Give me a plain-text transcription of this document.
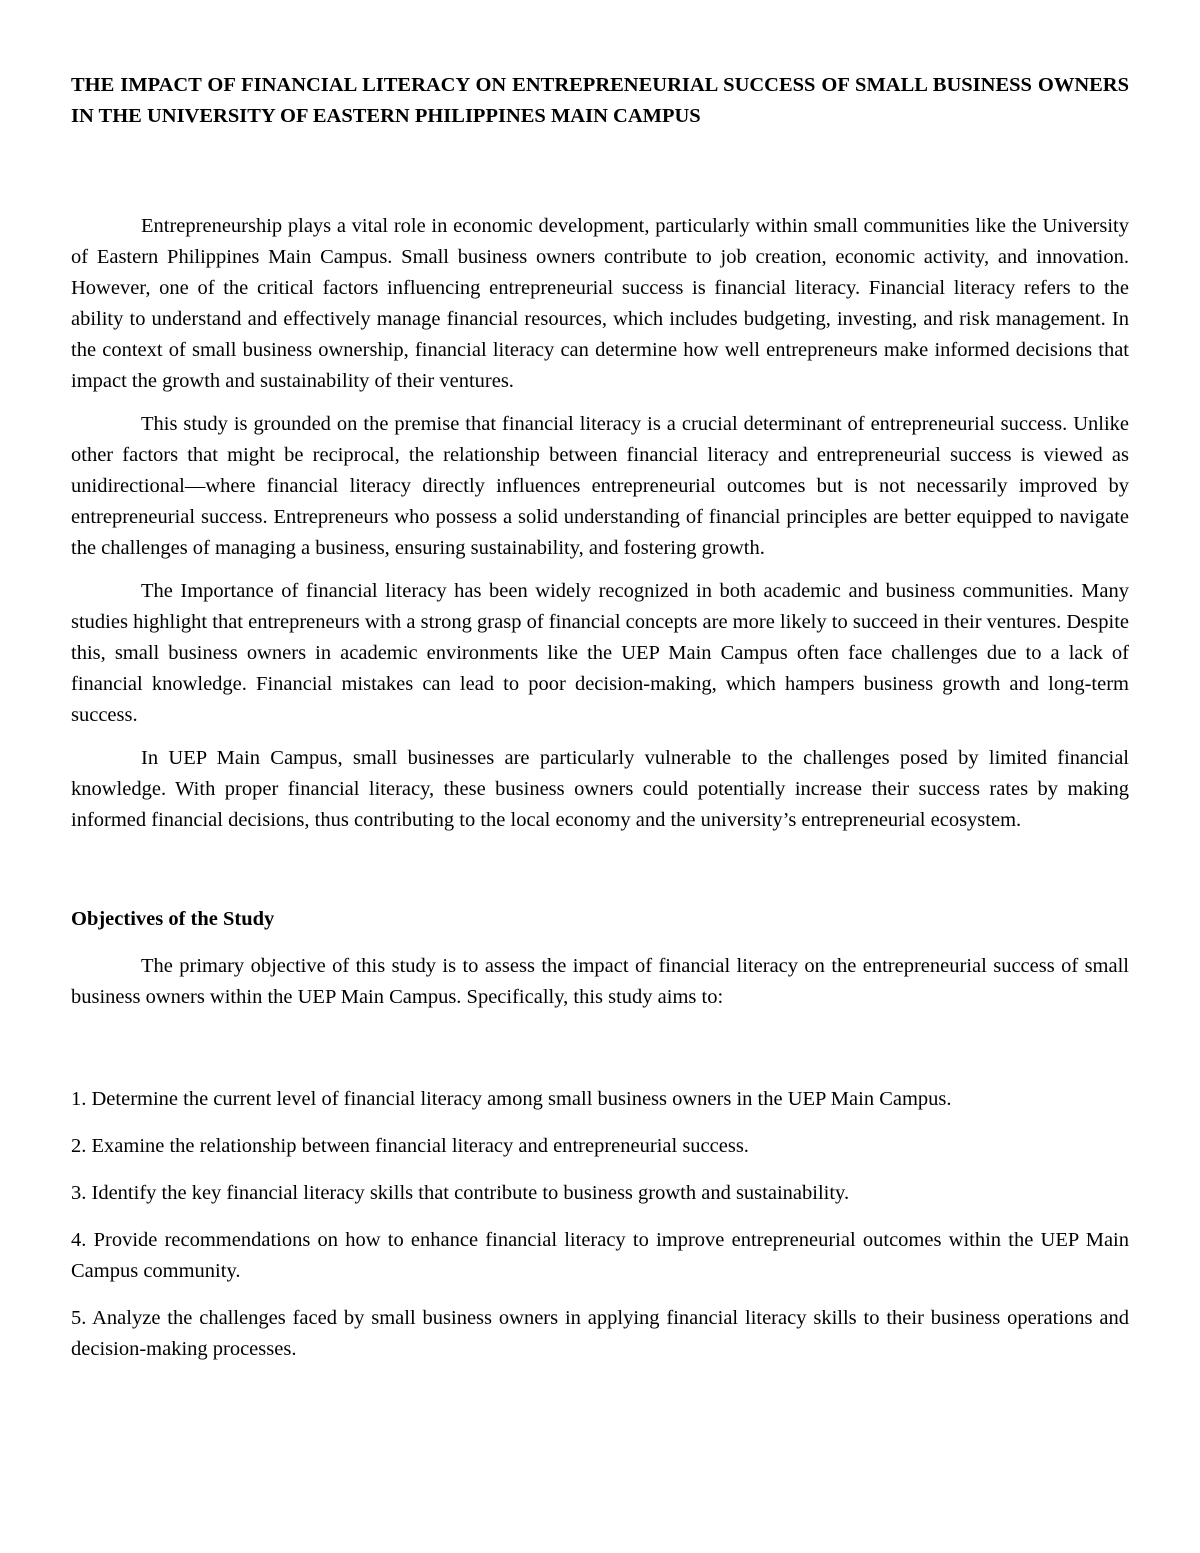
THE IMPACT OF FINANCIAL LITERACY ON ENTREPRENEURIAL SUCCESS OF SMALL BUSINESS OWNERS IN THE UNIVERSITY OF EASTERN PHILIPPINES MAIN CAMPUS

Entrepreneurship plays a vital role in economic development, particularly within small communities like the University of Eastern Philippines Main Campus. Small business owners contribute to job creation, economic activity, and innovation. However, one of the critical factors influencing entrepreneurial success is financial literacy. Financial literacy refers to the ability to understand and effectively manage financial resources, which includes budgeting, investing, and risk management. In the context of small business ownership, financial literacy can determine how well entrepreneurs make informed decisions that impact the growth and sustainability of their ventures.

This study is grounded on the premise that financial literacy is a crucial determinant of entrepreneurial success. Unlike other factors that might be reciprocal, the relationship between financial literacy and entrepreneurial success is viewed as unidirectional—where financial literacy directly influences entrepreneurial outcomes but is not necessarily improved by entrepreneurial success. Entrepreneurs who possess a solid understanding of financial principles are better equipped to navigate the challenges of managing a business, ensuring sustainability, and fostering growth.

The Importance of financial literacy has been widely recognized in both academic and business communities. Many studies highlight that entrepreneurs with a strong grasp of financial concepts are more likely to succeed in their ventures. Despite this, small business owners in academic environments like the UEP Main Campus often face challenges due to a lack of financial knowledge. Financial mistakes can lead to poor decision-making, which hampers business growth and long-term success.

In UEP Main Campus, small businesses are particularly vulnerable to the challenges posed by limited financial knowledge. With proper financial literacy, these business owners could potentially increase their success rates by making informed financial decisions, thus contributing to the local economy and the university’s entrepreneurial ecosystem.

Objectives of the Study

The primary objective of this study is to assess the impact of financial literacy on the entrepreneurial success of small business owners within the UEP Main Campus. Specifically, this study aims to:

1. Determine the current level of financial literacy among small business owners in the UEP Main Campus.
2. Examine the relationship between financial literacy and entrepreneurial success.
3. Identify the key financial literacy skills that contribute to business growth and sustainability.
4. Provide recommendations on how to enhance financial literacy to improve entrepreneurial outcomes within the UEP Main Campus community.
5. Analyze the challenges faced by small business owners in applying financial literacy skills to their business operations and decision-making processes.
